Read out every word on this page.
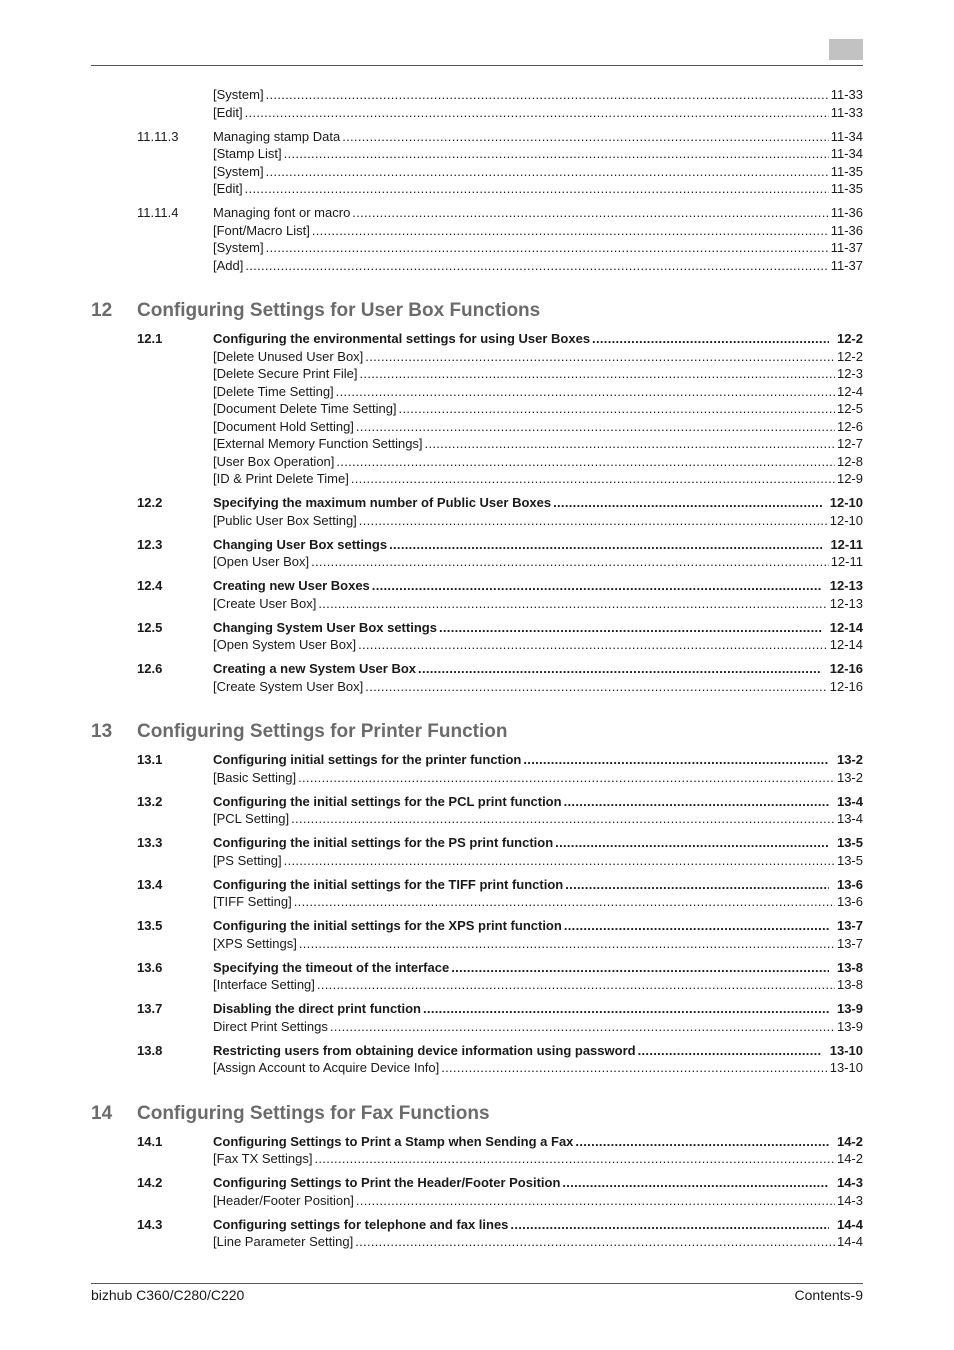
[System] .....	11-33
[Edit] .....	11-33
11.11.3	Managing stamp Data .....	11-34
[Stamp List] .....	11-34
[System] .....	11-35
[Edit] .....	11-35
11.11.4	Managing font or macro .....	11-36
[Font/Macro List] .....	11-36
[System] .....	11-37
[Add] .....	11-37
12 Configuring Settings for User Box Functions
12.1	Configuring the environmental settings for using User Boxes .....	12-2
[Delete Unused User Box] .....	12-2
[Delete Secure Print File] .....	12-3
[Delete Time Setting] .....	12-4
[Document Delete Time Setting] .....	12-5
[Document Hold Setting] .....	12-6
[External Memory Function Settings] .....	12-7
[User Box Operation] .....	12-8
[ID & Print Delete Time] .....	12-9
12.2	Specifying the maximum number of Public User Boxes .....	12-10
[Public User Box Setting] .....	12-10
12.3	Changing User Box settings .....	12-11
[Open User Box] .....	12-11
12.4	Creating new User Boxes .....	12-13
[Create User Box] .....	12-13
12.5	Changing System User Box settings .....	12-14
[Open System User Box] .....	12-14
12.6	Creating a new System User Box .....	12-16
[Create System User Box] .....	12-16
13 Configuring Settings for Printer Function
13.1	Configuring initial settings for the printer function .....	13-2
[Basic Setting] .....	13-2
13.2	Configuring the initial settings for the PCL print function .....	13-4
[PCL Setting] .....	13-4
13.3	Configuring the initial settings for the PS print function .....	13-5
[PS Setting] .....	13-5
13.4	Configuring the initial settings for the TIFF print function .....	13-6
[TIFF Setting] .....	13-6
13.5	Configuring the initial settings for the XPS print function .....	13-7
[XPS Settings] .....	13-7
13.6	Specifying the timeout of the interface .....	13-8
[Interface Setting] .....	13-8
13.7	Disabling the direct print function .....	13-9
Direct Print Settings .....	13-9
13.8	Restricting users from obtaining device information using password .....	13-10
[Assign Account to Acquire Device Info] .....	13-10
14 Configuring Settings for Fax Functions
14.1	Configuring Settings to Print a Stamp when Sending a Fax .....	14-2
[Fax TX Settings] .....	14-2
14.2	Configuring Settings to Print the Header/Footer Position .....	14-3
[Header/Footer Position] .....	14-3
14.3	Configuring settings for telephone and fax lines .....	14-4
[Line Parameter Setting] .....	14-4
bizhub C360/C280/C220	Contents-9
